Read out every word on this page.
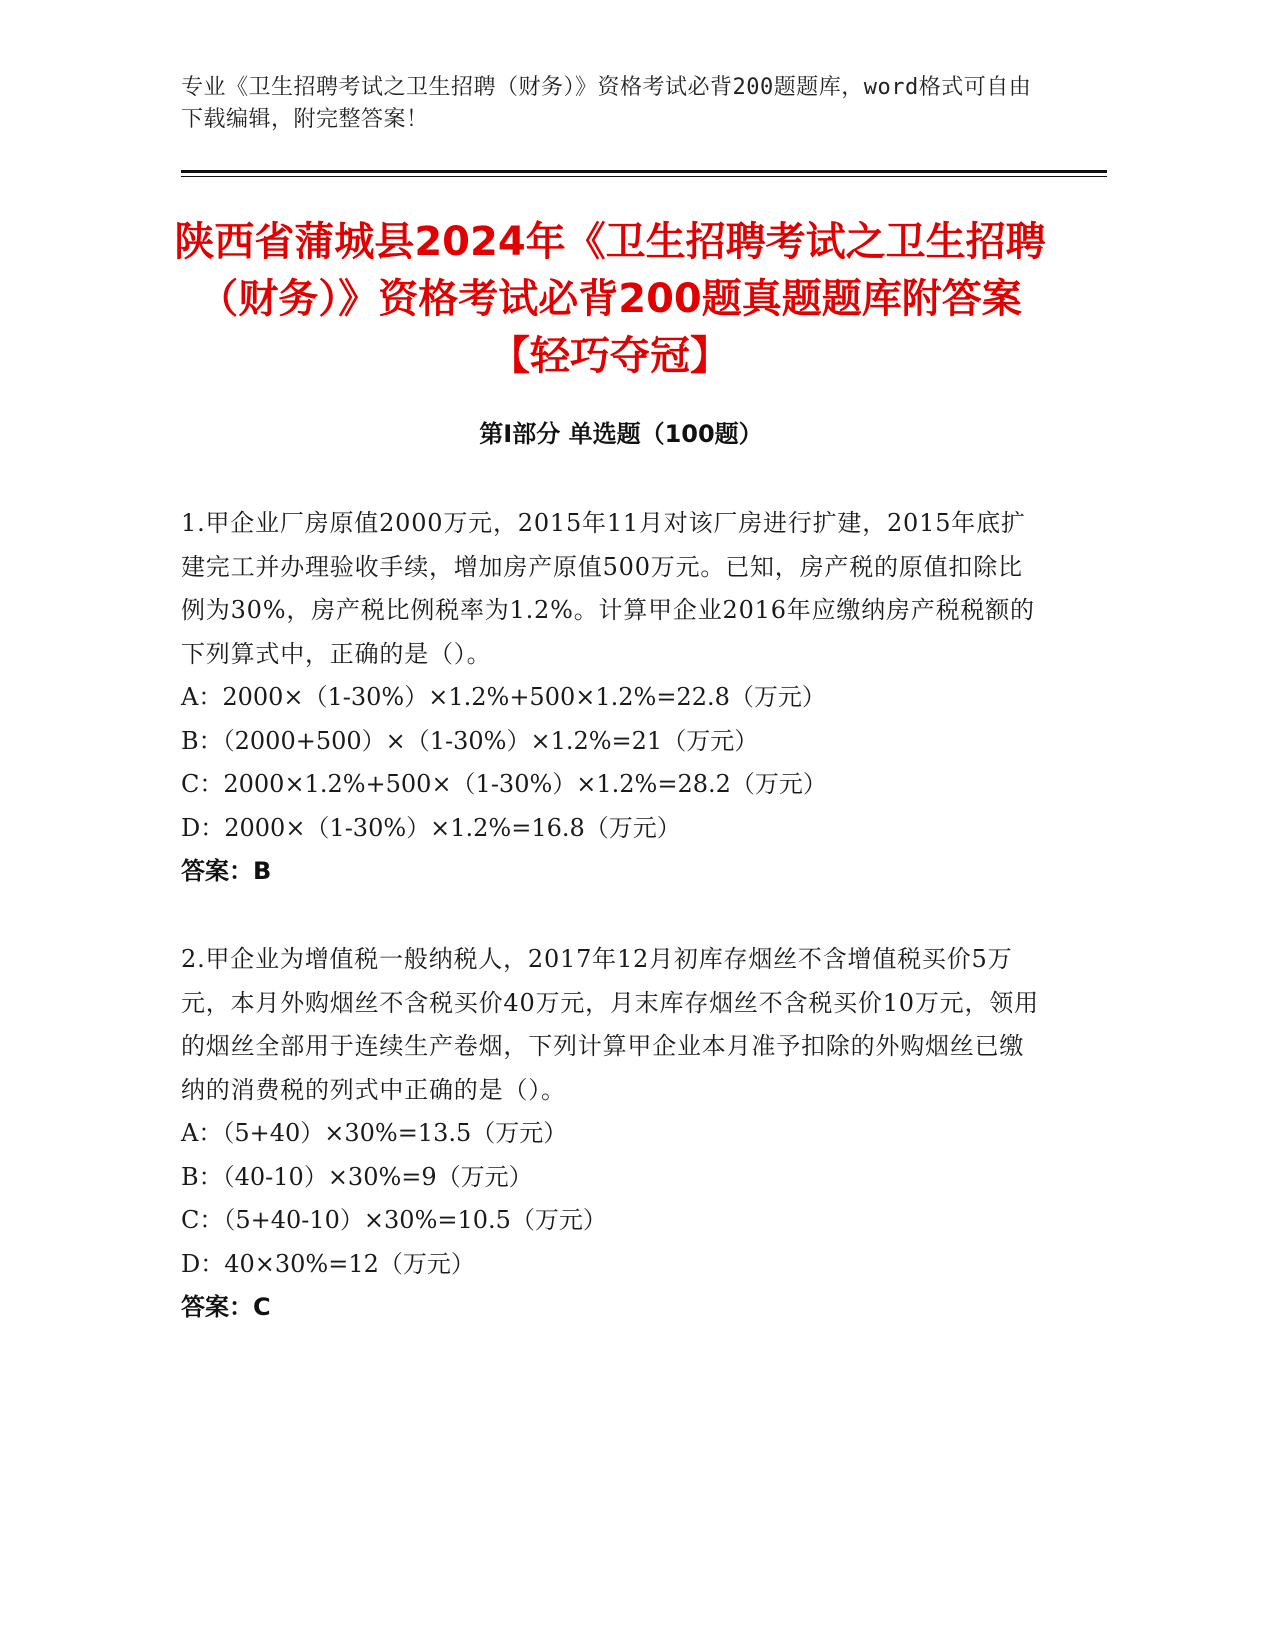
专业《卫生招聘考试之卫生招聘（财务）》资格考试必背200题题库，word格式可自由下载编辑，附完整答案！
陕西省蒲城县2024年《卫生招聘考试之卫生招聘（财务）》资格考试必背200题真题题库附答案【轻巧夺冠】
第Ⅰ部分 单选题（100题）
1.甲企业厂房原值2000万元，2015年11月对该厂房进行扩建，2015年底扩建完工并办理验收手续，增加房产原值500万元。已知，房产税的原值扣除比例为30%，房产税比例税率为1.2%。计算甲企业2016年应缴纳房产税税额的下列算式中，正确的是（）。
A：2000×（1-30%）×1.2%+500×1.2%=22.8（万元）
B：（2000+500）×（1-30%）×1.2%=21（万元）
C：2000×1.2%+500×（1-30%）×1.2%=28.2（万元）
D：2000×（1-30%）×1.2%=16.8（万元）
答案：B
2.甲企业为增值税一般纳税人，2017年12月初库存烟丝不含增值税买价5万元，本月外购烟丝不含税买价40万元，月末库存烟丝不含税买价10万元，领用的烟丝全部用于连续生产卷烟，下列计算甲企业本月准予扣除的外购烟丝已缴纳的消费税的列式中正确的是（）。
A：（5+40）×30%=13.5（万元）
B：（40-10）×30%=9（万元）
C：（5+40-10）×30%=10.5（万元）
D：40×30%=12（万元）
答案：C
